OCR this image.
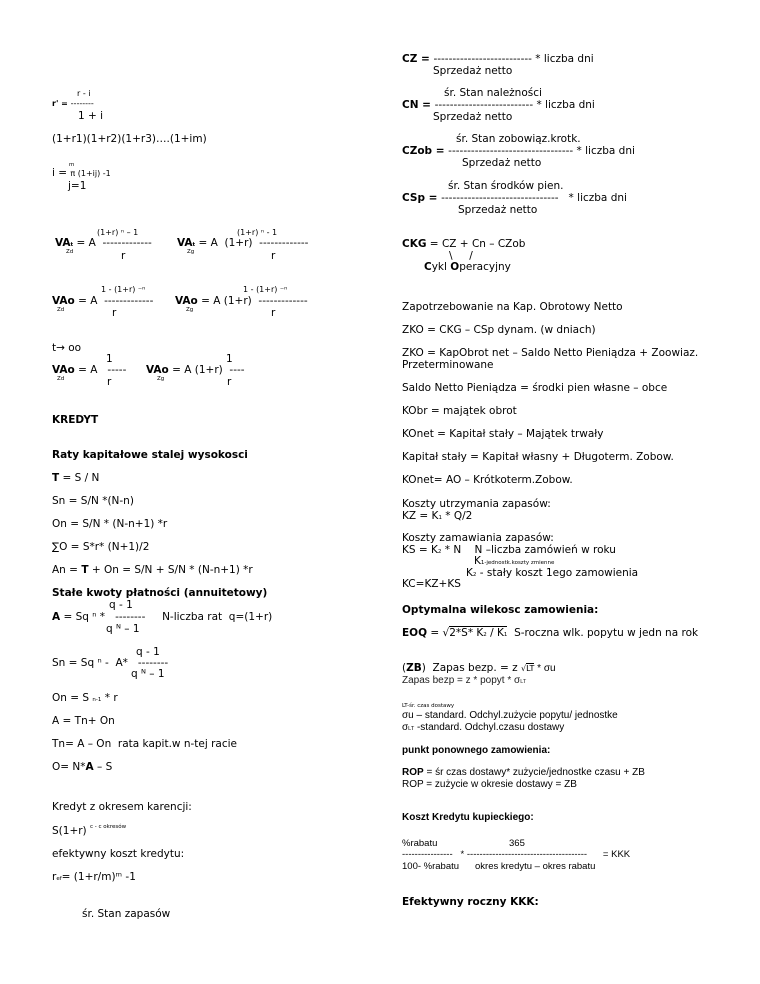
r - i
r' = --------
1 + i
(1+r1)(1+r2)(1+r3)….(1+im)
m
i = π (1+ij) -1
j=1
(1+r) ⁿ – 1	(1+r) ⁿ - 1
VAt = A  ------------- VAt = A  (1+r)  -------------
Zd	Zg
r	r
1 - (1+r) ⁻ⁿ	1 - (1+r) ⁻ⁿ
VAo = A  ------------- VAo = A (1+r)  -------------
Zd	Zg
r	r
t→ oo
1	1
VAo = A   ----- VAo = A (1+r)  ----
Zd	Zg
r	r
KREDYT
Raty kapitałowe stalej wysokosci
T = S / N
Sn = S/N *(N-n)
On = S/N * (N-n+1) *r
∑O = S*r* (N+1)/2
An = T + On = S/N + S/N * (N-n+1) *r
Stałe kwoty płatności (annuitetowy)
q - 1
A = Sq ⁿ *   --------     N-liczba rat  q=(1+r)
q ᴺ – 1
q - 1
Sn = Sq ⁿ -  A*   --------
q ᴺ – 1
On = S n-1 * r
A = Tn+ On
Tn= A – On  rata kapit.w n-tej racie
O= N*A – S
Kredyt z okresem karencji:
S(1+r) $^c$ $^{- c okresów}$
efektywny koszt kredytu:
ref= (1+r/m)ᵐ -1
śr. Stan zapasów
CZ = -------------------------- * liczba dni
Sprzedaż netto
śr. Stan należności
CN = -------------------------- * liczba dni
Sprzedaż netto
śr. Stan zobowiąz.krotk.
CZob = --------------------------------- * liczba dni
Sprzedaż netto
śr. Stan środków pien.
CSp = -------------------------------   * liczba dni
Sprzedaż netto
CKG = CZ + Cn – CZob
\     /
Cykl Operacyjny
Zapotrzebowanie na Kap. Obrotowy Netto
ZKO = CKG – CSp dynam. (w dniach)
ZKO = KapObrot net – Saldo Netto Pieniądza + Zoowiaz.
Przeterminowane
Saldo Netto Pieniądza = środki pien własne – obce
KObr = majątek obrot
KOnet = Kapitał stały – Majątek trwały
Kapitał stały = Kapitał własny + Długoterm. Zobow.
KOnet= AO – Krótkoterm.Zobow.
Koszty utrzymania zapasów:
KZ = K1 * Q/2
Koszty zamawiania zapasów:
KS = K2 * N    N –liczba zamówień w roku
K1-jednostk.koszty zmienne
K2 - stały koszt 1ego zamowienia
KC=KZ+KS
Optymalna wilekosc zamowienia:
EOQ = √2*S* K2 / K1  S-roczna wlk. popytu w jedn na rok
(ZB)  Zapas bezp. = z √LT * σu
Zapas bezp = z * popyt * σLT
LT-śr. czas dostawy
σu – standard. Odchyl.zużycie popytu/ jednostke
σLT -standard. Odchyl.czasu dostawy
punkt ponownego zamowienia:
ROP = śr czas dostawy* zużycie/jednostke czasu + ZB
ROP = zużycie w okresie dostawy = ZB
Koszt Kredytu kupieckiego:
%rabatu	365
----------------   * --------------------------------------      = KKK
100- %rabatu okres kredytu – okres rabatu
Efektywny roczny KKK:
